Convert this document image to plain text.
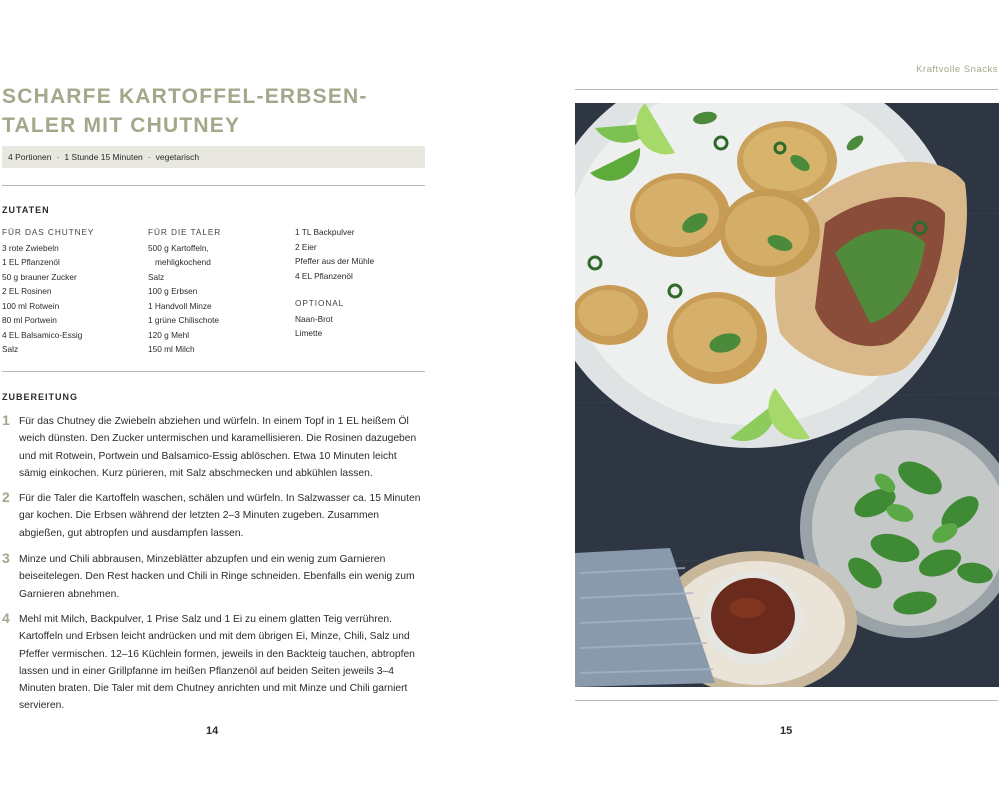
SCHARFE KARTOFFEL-ERBSEN-
TALER MIT CHUTNEY
4 Portionen · 1 Stunde 15 Minuten · vegetarisch
ZUTATEN
FÜR DAS CHUTNEY
3 rote Zwiebeln
1 EL Pflanzenöl
50 g brauner Zucker
2 EL Rosinen
100 ml Rotwein
80 ml Portwein
4 EL Balsamico-Essig
Salz
FÜR DIE TALER
500 g Kartoffeln,
mehligkochend
Salz
100 g Erbsen
1 Handvoll Minze
1 grüne Chilischote
120 g Mehl
150 ml Milch
1 TL Backpulver
2 Eier
Pfeffer aus der Mühle
4 EL Pflanzenöl
OPTIONAL
Naan-Brot
Limette
ZUBEREITUNG
1 Für das Chutney die Zwiebeln abziehen und würfeln. In einem Topf in 1 EL heißem Öl weich dünsten. Den Zucker untermischen und karamellisieren. Die Rosinen dazugeben und mit Rotwein, Portwein und Balsamico-Essig ablöschen. Etwa 10 Minuten leicht sämig einkochen. Kurz pürieren, mit Salz abschmecken und abkühlen lassen.
2 Für die Taler die Kartoffeln waschen, schälen und würfeln. In Salzwasser ca. 15 Minuten gar kochen. Die Erbsen während der letzten 2–3 Minuten zugeben. Zusammen abgießen, gut abtropfen und ausdampfen lassen.
3 Minze und Chili abbrausen, Minzeblätter abzupfen und ein wenig zum Garnieren beiseitelegen. Den Rest hacken und Chili in Ringe schneiden. Ebenfalls ein wenig zum Garnieren abnehmen.
4 Mehl mit Milch, Backpulver, 1 Prise Salz und 1 Ei zu einem glatten Teig verrühren. Kartoffeln und Erbsen leicht andrücken und mit dem übrigen Ei, Minze, Chili, Salz und Pfeffer vermischen. 12–16 Küchlein formen, jeweils in den Backteig tauchen, abtropfen lassen und in einer Grillpfanne im heißen Pflanzenöl auf beiden Seiten jeweils 3–4 Minuten braten. Die Taler mit dem Chutney anrichten und mit Minze und Chili garniert servieren.
14
Kraftvolle Snacks
15
